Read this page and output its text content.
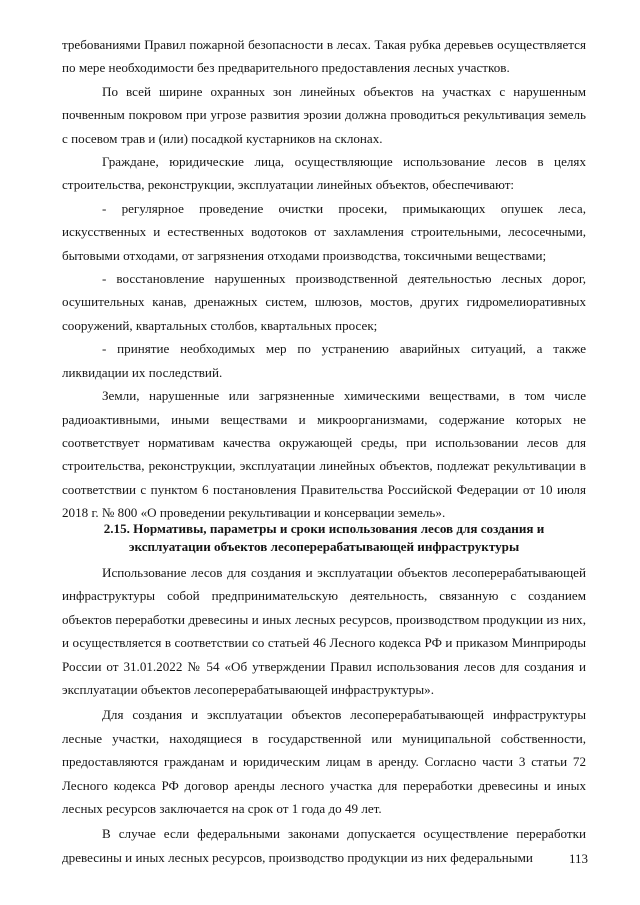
требованиями Правил пожарной безопасности в лесах. Такая рубка деревьев осуществляется по мере необходимости без предварительного предоставления лесных участков.

По всей ширине охранных зон линейных объектов на участках с нарушенным почвенным покровом при угрозе развития эрозии должна проводиться рекультивация земель с посевом трав и (или) посадкой кустарников на склонах.

Граждане, юридические лица, осуществляющие использование лесов в целях строительства, реконструкции, эксплуатации линейных объектов, обеспечивают:

- регулярное проведение очистки просеки, примыкающих опушек леса, искусственных и естественных водотоков от захламления строительными, лесосечными, бытовыми отходами, от загрязнения отходами производства, токсичными веществами;

- восстановление нарушенных производственной деятельностью лесных дорог, осушительных канав, дренажных систем, шлюзов, мостов, других гидромелиоративных сооружений, квартальных столбов, квартальных просек;

- принятие необходимых мер по устранению аварийных ситуаций, а также ликвидации их последствий.

Земли, нарушенные или загрязненные химическими веществами, в том числе радиоактивными, иными веществами и микроорганизмами, содержание которых не соответствует нормативам качества окружающей среды, при использовании лесов для строительства, реконструкции, эксплуатации линейных объектов, подлежат рекультивации в соответствии с пунктом 6 постановления Правительства Российской Федерации от 10 июля 2018 г. № 800 «О проведении рекультивации и консервации земель».

2.15. Нормативы, параметры и сроки использования лесов для создания и эксплуатации объектов лесоперерабатывающей инфраструктуры

Использование лесов для создания и эксплуатации объектов лесоперерабатывающей инфраструктуры собой предпринимательскую деятельность, связанную с созданием объектов переработки древесины и иных лесных ресурсов, производством продукции из них, и осуществляется в соответствии со статьей 46 Лесного кодекса РФ и приказом Минприроды России от 31.01.2022 № 54 «Об утверждении Правил использования лесов для создания и эксплуатации объектов лесоперерабатывающей инфраструктуры».

Для создания и эксплуатации объектов лесоперерабатывающей инфраструктуры лесные участки, находящиеся в государственной или муниципальной собственности, предоставляются гражданам и юридическим лицам в аренду. Согласно части 3 статьи 72 Лесного кодекса РФ договор аренды лесного участка для переработки древесины и иных лесных ресурсов заключается на срок от 1 года до 49 лет.

В случае если федеральными законами допускается осуществление переработки древесины и иных лесных ресурсов, производство продукции из них федеральными	113
